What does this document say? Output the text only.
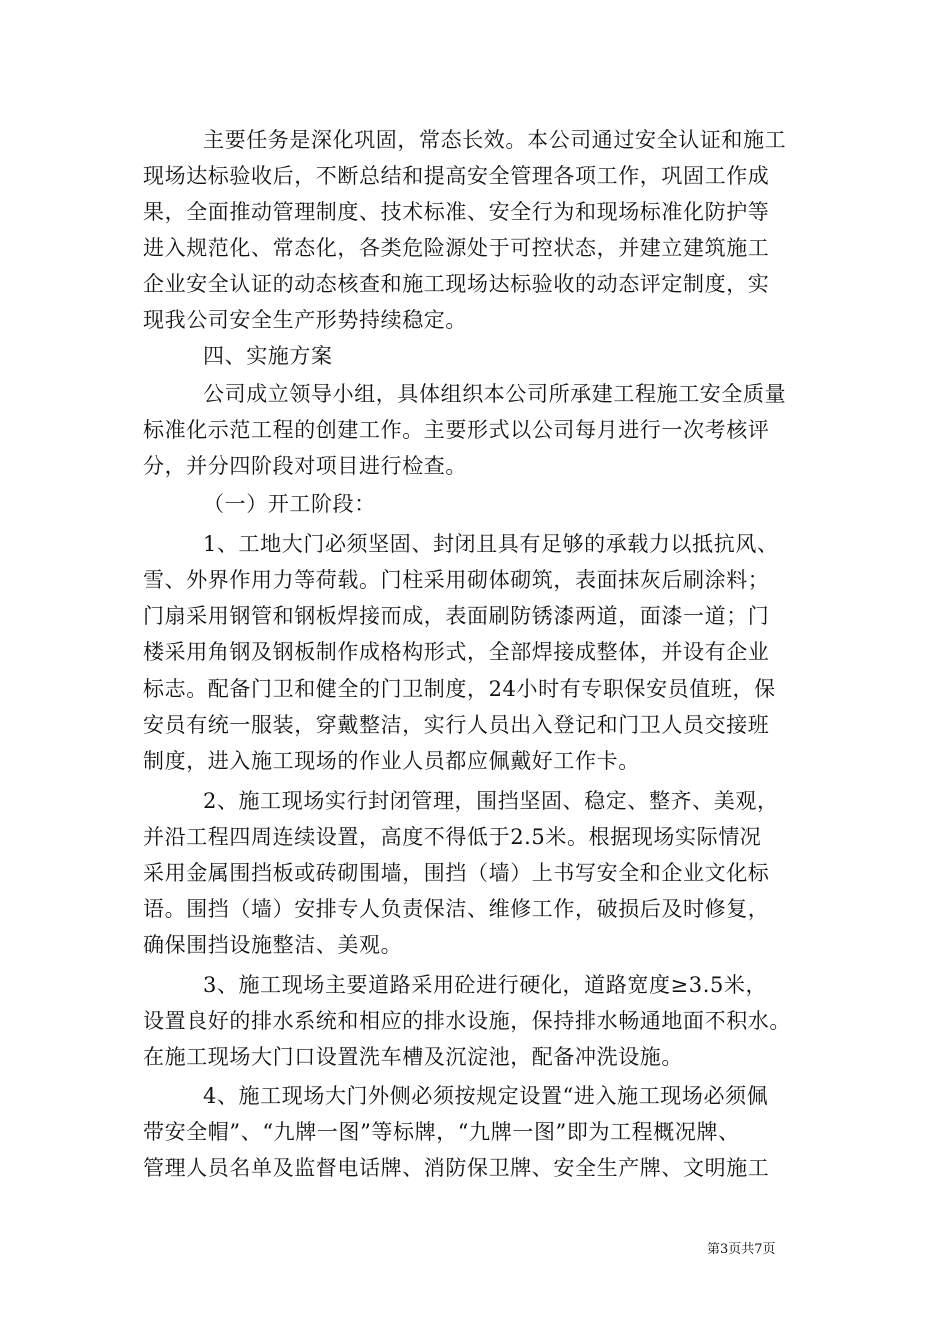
主要任务是深化巩固，常态长效。本公司通过安全认证和施工
现场达标验收后，不断总结和提高安全管理各项工作，巩固工作成
果，全面推动管理制度、技术标准、安全行为和现场标准化防护等
进入规范化、常态化，各类危险源处于可控状态，并建立建筑施工
企业安全认证的动态核查和施工现场达标验收的动态评定制度，实
现我公司安全生产形势持续稳定。
四、实施方案
公司成立领导小组，具体组织本公司所承建工程施工安全质量
标准化示范工程的创建工作。主要形式以公司每月进行一次考核评
分，并分四阶段对项目进行检查。
（一）开工阶段：
1、工地大门必须坚固、封闭且具有足够的承载力以抵抗风、
雪、外界作用力等荷载。门柱采用砌体砌筑，表面抹灰后刷涂料；
门扇采用钢管和钢板焊接而成，表面刷防锈漆两道，面漆一道；门
楼采用角钢及钢板制作成格构形式，全部焊接成整体，并设有企业
标志。配备门卫和健全的门卫制度，24小时有专职保安员值班，保
安员有统一服装，穿戴整洁，实行人员出入登记和门卫人员交接班
制度，进入施工现场的作业人员都应佩戴好工作卡。
2、施工现场实行封闭管理，围挡坚固、稳定、整齐、美观，
并沿工程四周连续设置，高度不得低于2.5米。根据现场实际情况
采用金属围挡板或砖砌围墙，围挡（墙）上书写安全和企业文化标
语。围挡（墙）安排专人负责保洁、维修工作，破损后及时修复，
确保围挡设施整洁、美观。
3、施工现场主要道路采用砼进行硬化，道路宽度≥3.5米，
设置良好的排水系统和相应的排水设施，保持排水畅通地面不积水。
在施工现场大门口设置洗车槽及沉淀池，配备冲洗设施。
4、施工现场大门外侧必须按规定设置“进入施工现场必须佩
带安全帽”、“九牌一图”等标牌，“九牌一图”即为工程概况牌、
管理人员名单及监督电话牌、消防保卫牌、安全生产牌、文明施工
第3页共7页
